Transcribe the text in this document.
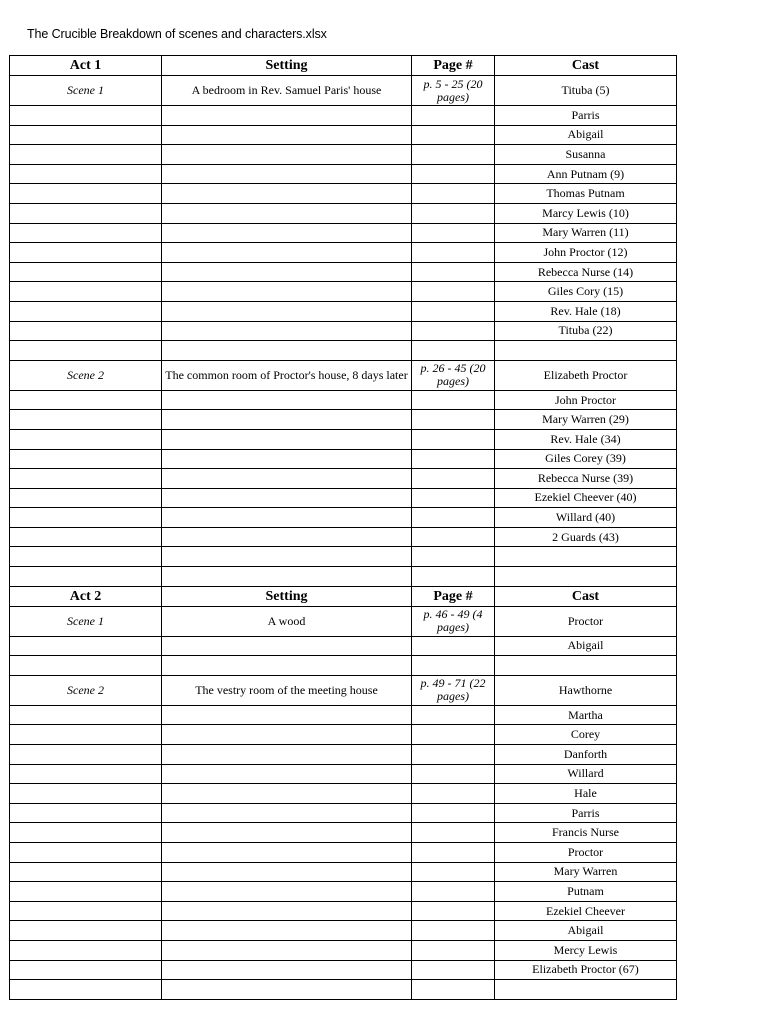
The Crucible Breakdown of scenes and characters.xlsx
Act 1	Setting	Page #	Cast
Scene 1	A bedroom in Rev. Samuel Paris' house	p. 5 - 25 (20 pages)	Tituba (5)
			Parris
			Abigail
			Susanna
			Ann Putnam (9)
			Thomas Putnam
			Marcy Lewis (10)
			Mary Warren (11)
			John Proctor (12)
			Rebecca Nurse (14)
			Giles Cory (15)
			Rev. Hale (18)
			Tituba (22)

Scene 2	The common room of Proctor's house, 8 days later	p. 26 - 45 (20 pages)	Elizabeth Proctor
			John Proctor
			Mary Warren (29)
			Rev. Hale (34)
			Giles Corey (39)
			Rebecca Nurse (39)
			Ezekiel Cheever (40)
			Willard (40)
			2 Guards (43)

Act 2	Setting	Page #	Cast
Scene 1	A wood	p. 46 - 49 (4 pages)	Proctor
			Abigail

Scene 2	The vestry room of the meeting house	p. 49 - 71 (22 pages)	Hawthorne
			Martha
			Corey
			Danforth
			Willard
			Hale
			Parris
			Francis Nurse
			Proctor
			Mary Warren
			Putnam
			Ezekiel Cheever
			Abigail
			Mercy Lewis
			Elizabeth Proctor (67)
